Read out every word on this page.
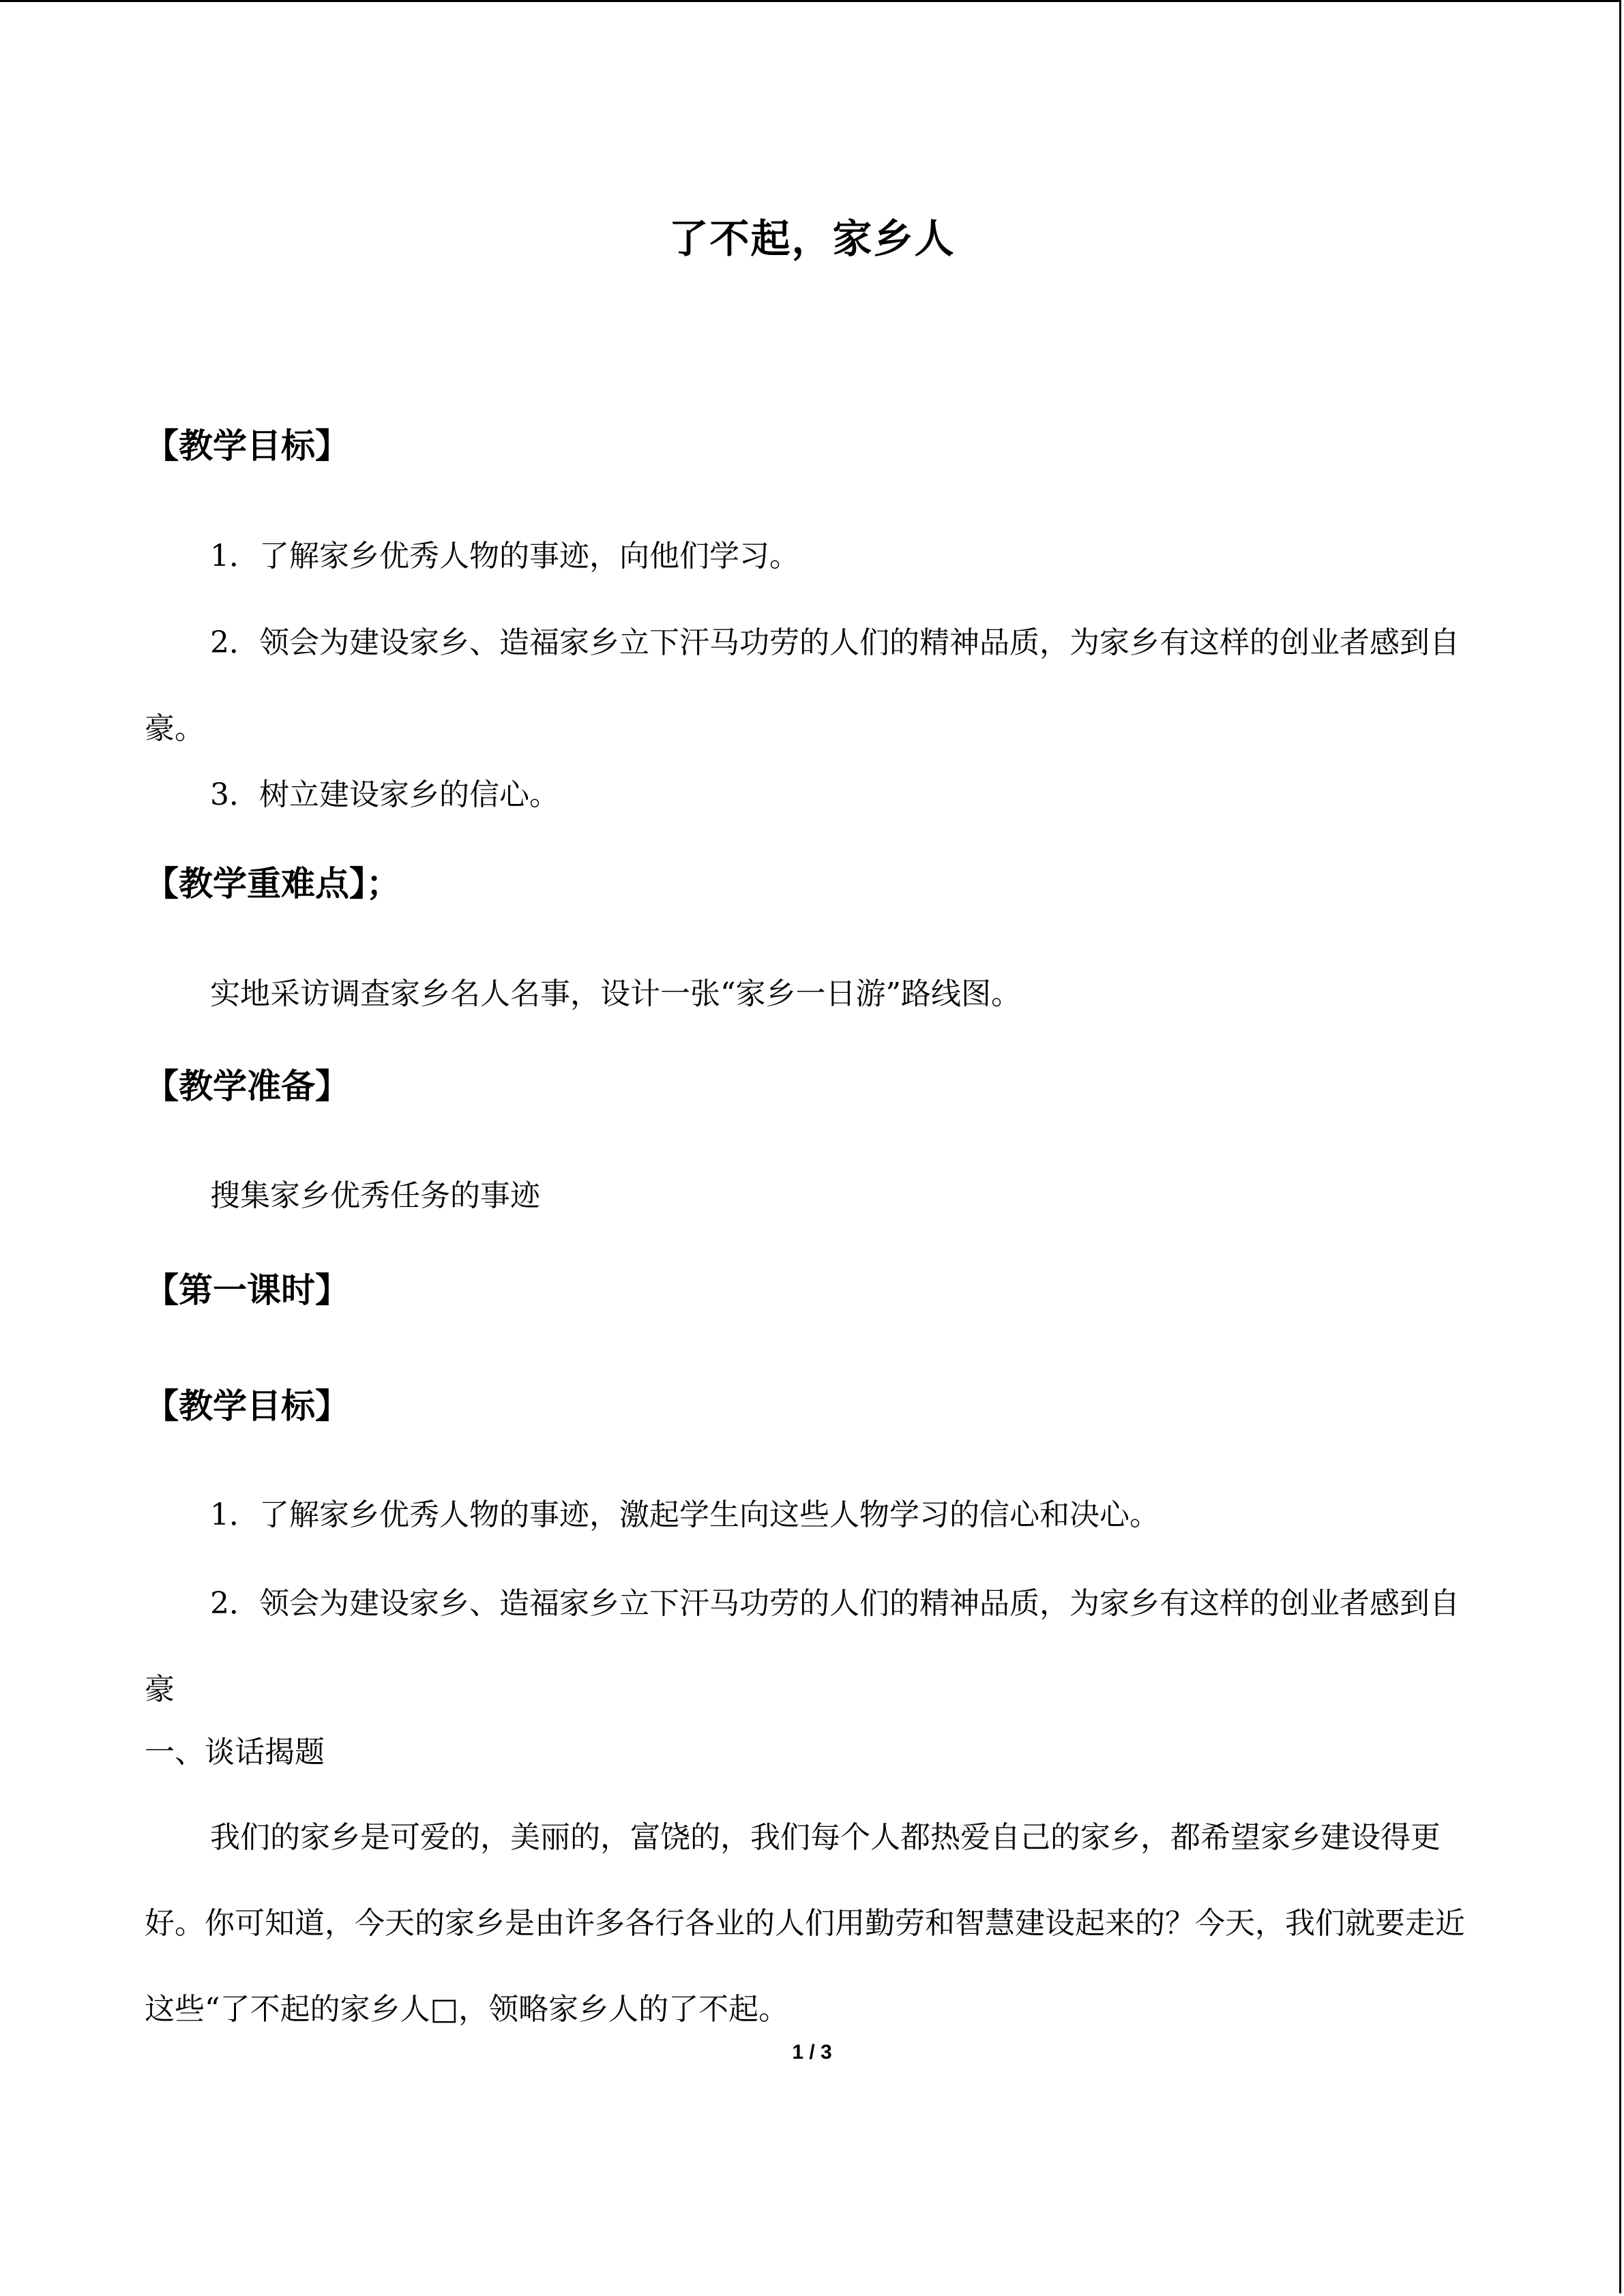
了不起，家乡人
【教学目标】

1．了解家乡优秀人物的事迹，向他们学习。

2．领会为建设家乡、造福家乡立下汗马功劳的人们的精神品质，为家乡有这样的创业者感到自豪。

3．树立建设家乡的信心。

【教学重难点】；

实地采访调查家乡名人名事，设计一张“家乡一日游”路线图。

【教学准备】

搜集家乡优秀任务的事迹

【第一课时】
【教学目标】

1．了解家乡优秀人物的事迹，激起学生向这些人物学习的信心和决心。

2．领会为建设家乡、造福家乡立下汗马功劳的人们的精神品质，为家乡有这样的创业者感到自豪

一、谈话揭题

我们的家乡是可爱的，美丽的，富饶的，我们每个人都热爱自己的家乡，都希望家乡建设得更好。你可知道，今天的家乡是由许多各行各业的人们用勤劳和智慧建设起来的？今天，我们就要走近这些“了不起的家乡人□，领略家乡人的了不起。

1 / 3
